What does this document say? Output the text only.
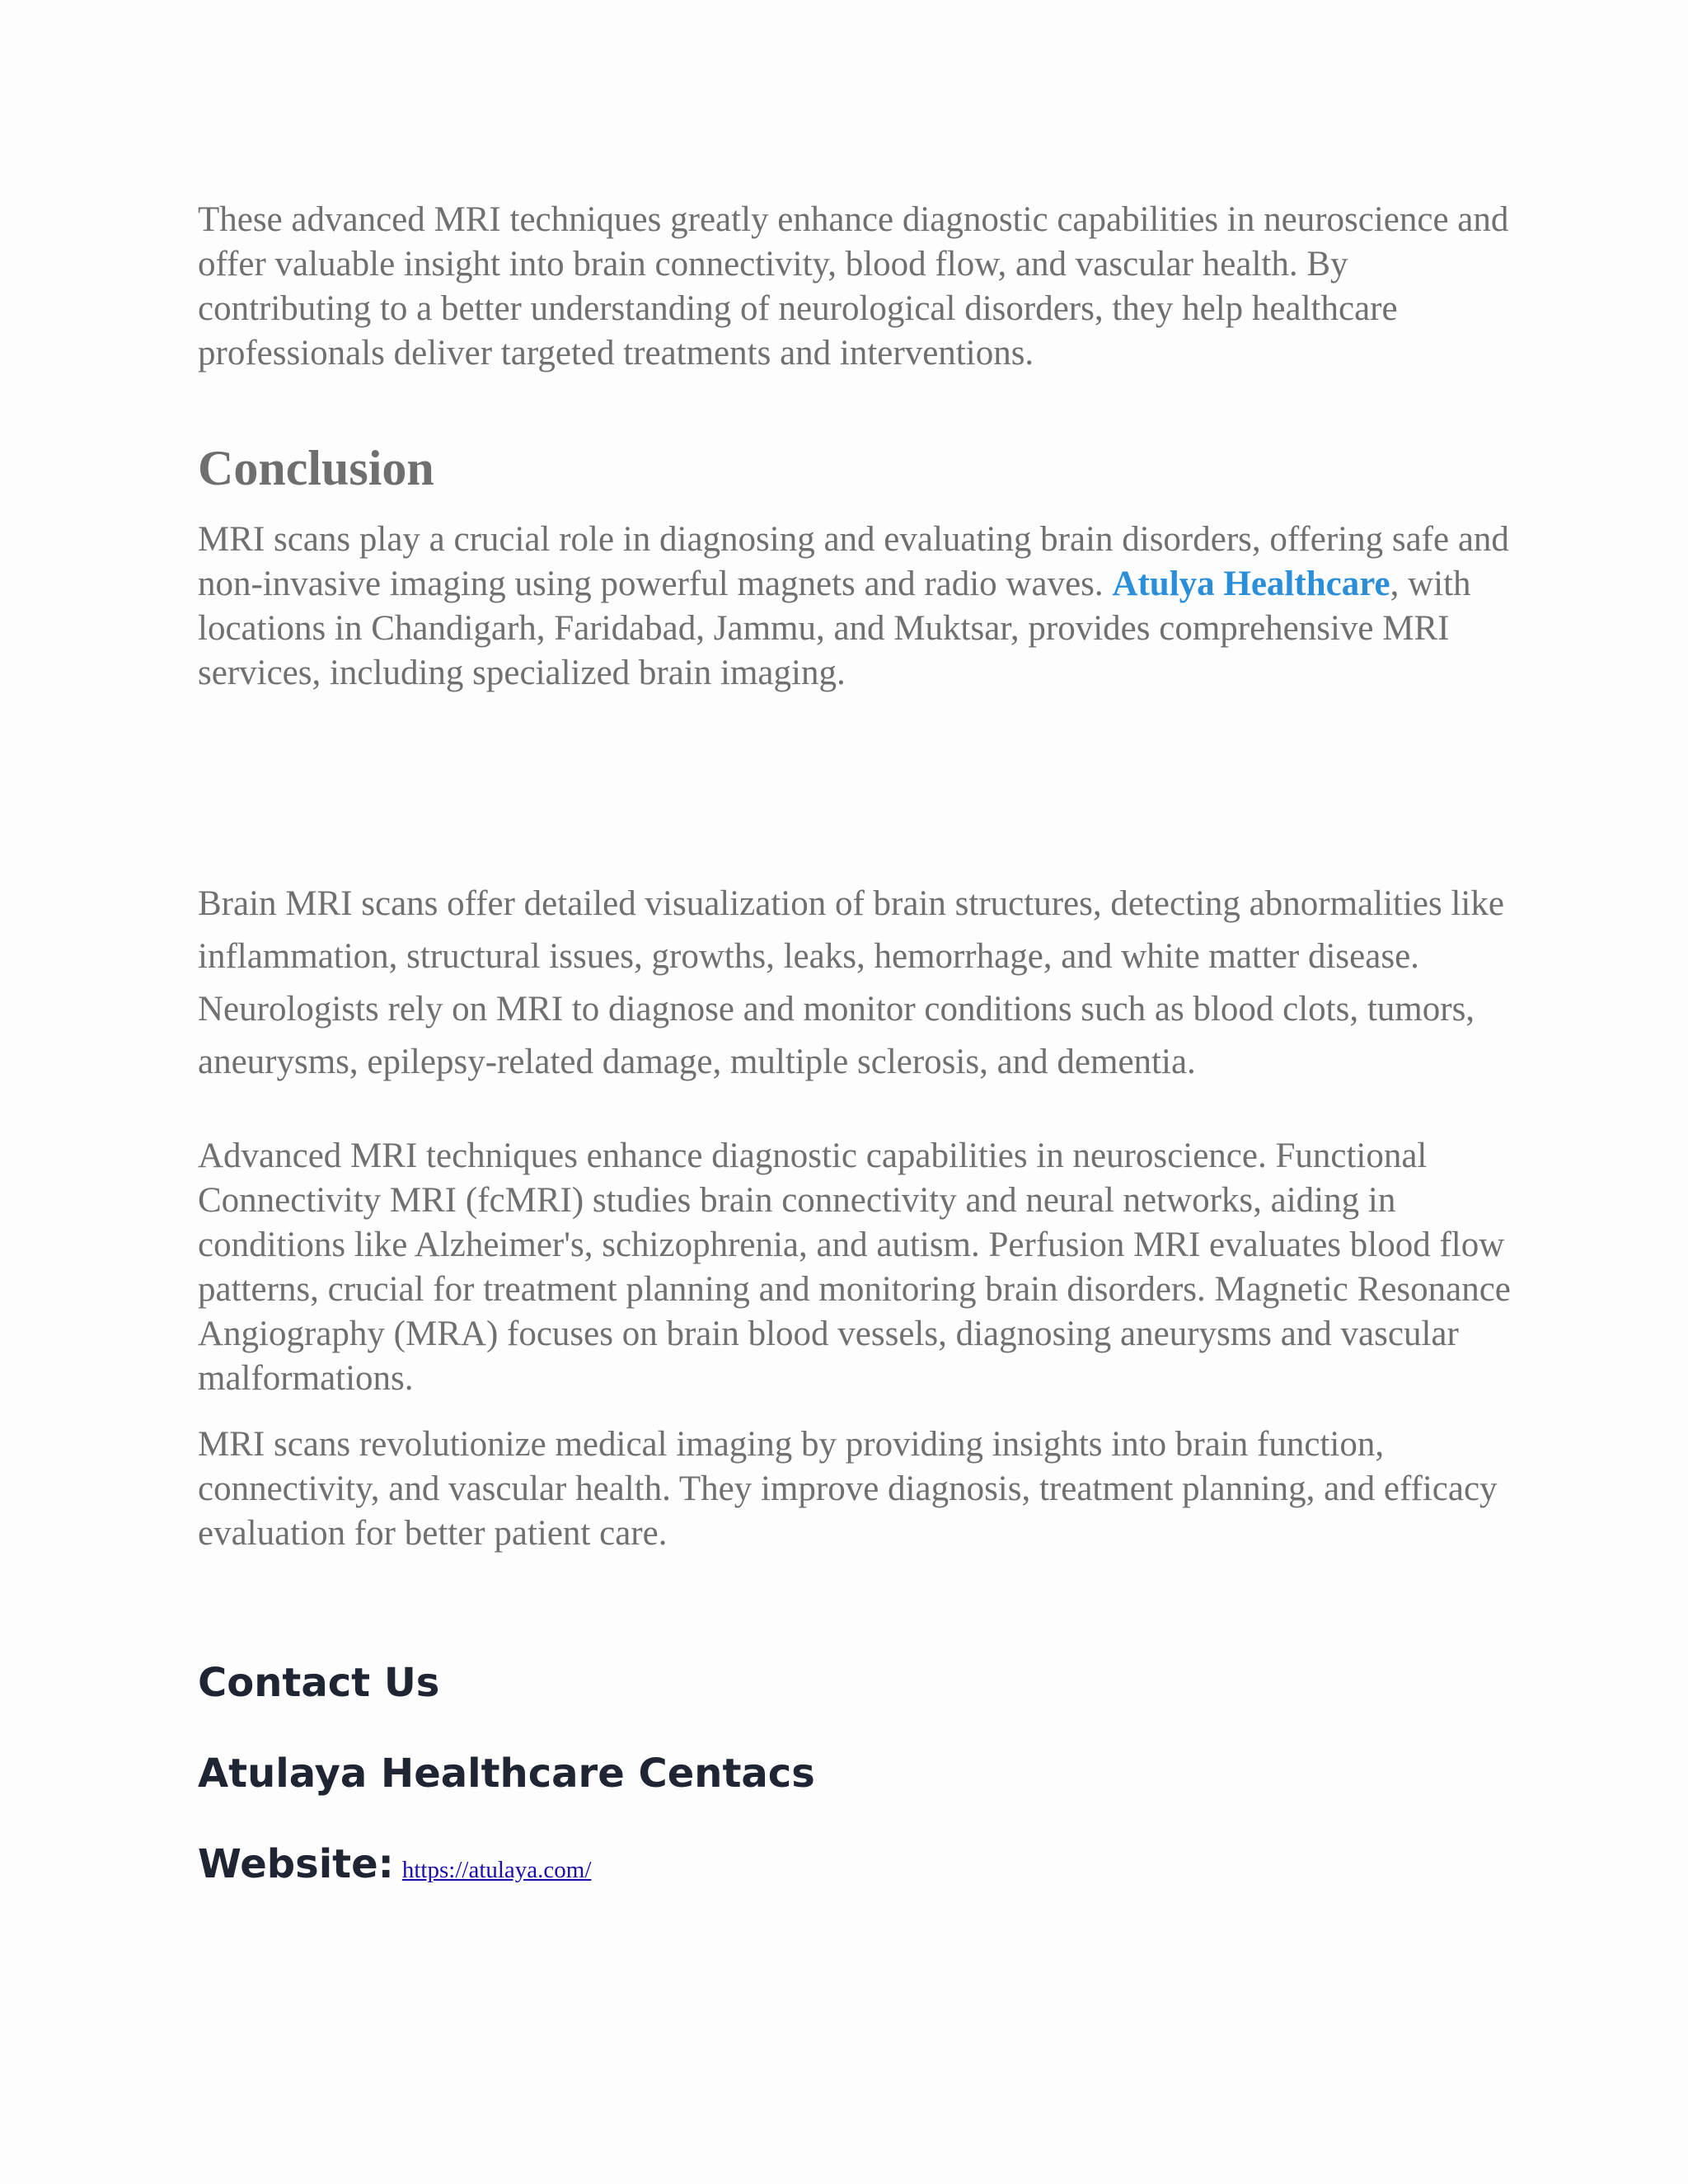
These advanced MRI techniques greatly enhance diagnostic capabilities in neuroscience and offer valuable insight into brain connectivity, blood flow, and vascular health. By contributing to a better understanding of neurological disorders, they help healthcare professionals deliver targeted treatments and interventions.

Conclusion

MRI scans play a crucial role in diagnosing and evaluating brain disorders, offering safe and non-invasive imaging using powerful magnets and radio waves. Atulya Healthcare, with locations in Chandigarh, Faridabad, Jammu, and Muktsar, provides comprehensive MRI services, including specialized brain imaging.

Brain MRI scans offer detailed visualization of brain structures, detecting abnormalities like inflammation, structural issues, growths, leaks, hemorrhage, and white matter disease. Neurologists rely on MRI to diagnose and monitor conditions such as blood clots, tumors, aneurysms, epilepsy-related damage, multiple sclerosis, and dementia.

Advanced MRI techniques enhance diagnostic capabilities in neuroscience. Functional Connectivity MRI (fcMRI) studies brain connectivity and neural networks, aiding in conditions like Alzheimer's, schizophrenia, and autism. Perfusion MRI evaluates blood flow patterns, crucial for treatment planning and monitoring brain disorders. Magnetic Resonance Angiography (MRA) focuses on brain blood vessels, diagnosing aneurysms and vascular malformations.

MRI scans revolutionize medical imaging by providing insights into brain function, connectivity, and vascular health. They improve diagnosis, treatment planning, and efficacy evaluation for better patient care.

Contact Us
Atulaya Healthcare Centacs
Website: https://atulaya.com/
